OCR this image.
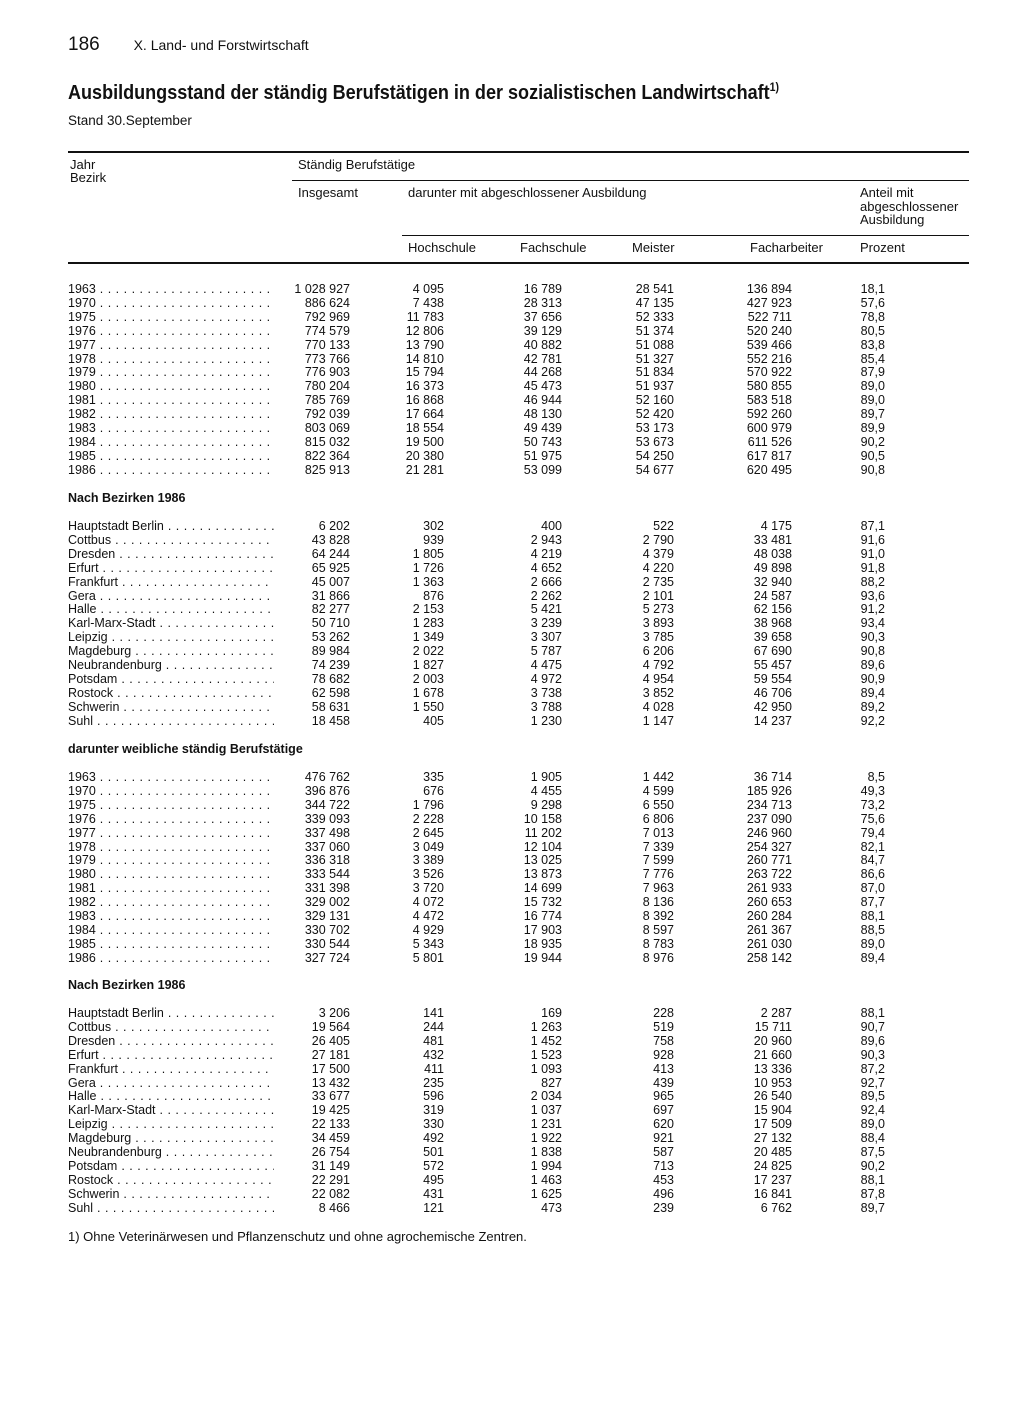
186 X. Land- und Forstwirtschaft
Ausbildungsstand der ständig Berufstätigen in der sozialistischen Landwirtschaft$^{1)}$
Stand 30.September
Jahr
Bezirk
Ständig Berufstätige
Insgesamt	darunter mit abgeschlossener Ausbildung	Anteil mit
abgeschlossener
Ausbildung
Hochschule	Fachschule	Meister	Facharbeiter	Prozent
Nach Bezirken 1986
darunter weibliche ständig Berufstätige
Nach Bezirken 1986
1963 . . .	1 028 927	4 095	16 789	28 541	136 894	18,1
1970 . . .	886 624	7 438	28 313	47 135	427 923	57,6
1975 . . .	792 969	11 783	37 656	52 333	522 711	78,8
1976 . . .	774 579	12 806	39 129	51 374	520 240	80,5
1977 . . .	770 133	13 790	40 882	51 088	539 466	83,8
1978 . . .	773 766	14 810	42 781	51 327	552 216	85,4
1979 . . .	776 903	15 794	44 268	51 834	570 922	87,9
1980 . . .	780 204	16 373	45 473	51 937	580 855	89,0
1981 . . .	785 769	16 868	46 944	52 160	583 518	89,0
1982 . . .	792 039	17 664	48 130	52 420	592 260	89,7
1983 . . .	803 069	18 554	49 439	53 173	600 979	89,9
1984 . . .	815 032	19 500	50 743	53 673	611 526	90,2
1985 . . .	822 364	20 380	51 975	54 250	617 817	90,5
1986 . . .	825 913	21 281	53 099	54 677	620 495	90,8
Hauptstadt Berlin . . .	6 202	302	400	522	4 175	87,1
Cottbus . . .	43 828	939	2 943	2 790	33 481	91,6
Dresden . . .	64 244	1 805	4 219	4 379	48 038	91,0
Erfurt . . .	65 925	1 726	4 652	4 220	49 898	91,8
Frankfurt . . .	45 007	1 363	2 666	2 735	32 940	88,2
Gera . . .	31 866	876	2 262	2 101	24 587	93,6
Halle . . .	82 277	2 153	5 421	5 273	62 156	91,2
Karl-Marx-Stadt . . .	50 710	1 283	3 239	3 893	38 968	93,4
Leipzig . . .	53 262	1 349	3 307	3 785	39 658	90,3
Magdeburg . . .	89 984	2 022	5 787	6 206	67 690	90,8
Neubrandenburg . . .	74 239	1 827	4 475	4 792	55 457	89,6
Potsdam . . .	78 682	2 003	4 972	4 954	59 554	90,9
Rostock . . .	62 598	1 678	3 738	3 852	46 706	89,4
Schwerin . . .	58 631	1 550	3 788	4 028	42 950	89,2
Suhl . . .	18 458	405	1 230	1 147	14 237	92,2
1963 . . .	476 762	335	1 905	1 442	36 714	8,5
1970 . . .	396 876	676	4 455	4 599	185 926	49,3
1975 . . .	344 722	1 796	9 298	6 550	234 713	73,2
1976 . . .	339 093	2 228	10 158	6 806	237 090	75,6
1977 . . .	337 498	2 645	11 202	7 013	246 960	79,4
1978 . . .	337 060	3 049	12 104	7 339	254 327	82,1
1979 . . .	336 318	3 389	13 025	7 599	260 771	84,7
1980 . . .	333 544	3 526	13 873	7 776	263 722	86,6
1981 . . .	331 398	3 720	14 699	7 963	261 933	87,0
1982 . . .	329 002	4 072	15 732	8 136	260 653	87,7
1983 . . .	329 131	4 472	16 774	8 392	260 284	88,1
1984 . . .	330 702	4 929	17 903	8 597	261 367	88,5
1985 . . .	330 544	5 343	18 935	8 783	261 030	89,0
1986 . . .	327 724	5 801	19 944	8 976	258 142	89,4
Hauptstadt Berlin . . .	3 206	141	169	228	2 287	88,1
Cottbus . . .	19 564	244	1 263	519	15 711	90,7
Dresden . . .	26 405	481	1 452	758	20 960	89,6
Erfurt . . .	27 181	432	1 523	928	21 660	90,3
Frankfurt . . .	17 500	411	1 093	413	13 336	87,2
Gera . . .	13 432	235	827	439	10 953	92,7
Halle . . .	33 677	596	2 034	965	26 540	89,5
Karl-Marx-Stadt . . .	19 425	319	1 037	697	15 904	92,4
Leipzig . . .	22 133	330	1 231	620	17 509	89,0
Magdeburg . . .	34 459	492	1 922	921	27 132	88,4
Neubrandenburg . . .	26 754	501	1 838	587	20 485	87,5
Potsdam . . .	31 149	572	1 994	713	24 825	90,2
Rostock . . .	22 291	495	1 463	453	17 237	88,1
Schwerin . . .	22 082	431	1 625	496	16 841	87,8
Suhl . . .	8 466	121	473	239	6 762	89,7
1) Ohne Veterinärwesen und Pflanzenschutz und ohne agrochemische Zentren.
